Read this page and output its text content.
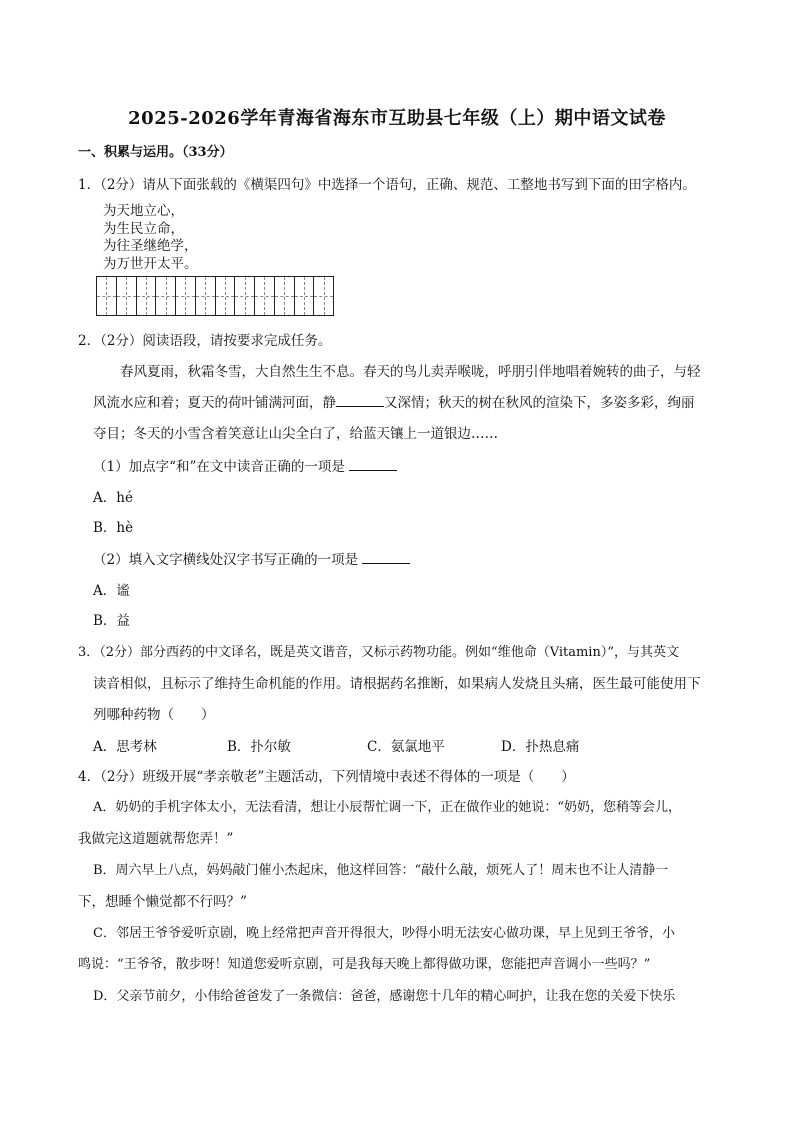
2025-2026学年青海省海东市互助县七年级（上）期中语文试卷
一、积累与运用。（33分）
1．（2分）请从下面张载的《横渠四句》中选择一个语句，正确、规范、工整地书写到下面的田字格内。
为天地立心，
为生民立命，
为往圣继绝学，
为万世开太平。
2．（2分）阅读语段，请按要求完成任务。
春风夏雨，秋霜冬雪，大自然生生不息。春天的鸟儿卖弄喉咙，呼朋引伴地唱着婉转的曲子，与轻
风流水应和着；夏天的荷叶铺满河面，静	又深情；秋天的树在秋风的渲染下，多姿多彩，绚丽
夺目；冬天的小雪含着笑意让山尖全白了，给蓝天镶上一道银边……
（1）加点字“和”在文中读音正确的一项是
A．hé
B．hè
（2）填入文字横线处汉字书写正确的一项是
A．谧
B．益
3．（2分）部分西药的中文译名，既是英文谐音，又标示药物功能。例如“维他命（Vitamin）”，与其英文
读音相似，且标示了维持生命机能的作用。请根据药名推断，如果病人发烧且头痛，医生最可能使用下
列哪种药物（　　）
A．思考林	B．扑尔敏	C．氨氯地平	D．扑热息痛
4．（2分）班级开展“孝亲敬老”主题活动，下列情境中表述不得体的一项是（　　）
A．奶奶的手机字体太小，无法看清，想让小辰帮忙调一下，正在做作业的她说：“奶奶，您稍等会儿，
我做完这道题就帮您弄！”
B．周六早上八点，妈妈敲门催小杰起床，他这样回答：“敲什么敲，烦死人了！周末也不让人清静一
下，想睡个懒觉都不行吗？”
C．邻居王爷爷爱听京剧，晚上经常把声音开得很大，吵得小明无法安心做功课，早上见到王爷爷，小
鸣说：“王爷爷，散步呀！知道您爱听京剧，可是我每天晚上都得做功课，您能把声音调小一些吗？”
D．父亲节前夕，小伟给爸爸发了一条微信：爸爸，感谢您十几年的精心呵护，让我在您的关爱下快乐
